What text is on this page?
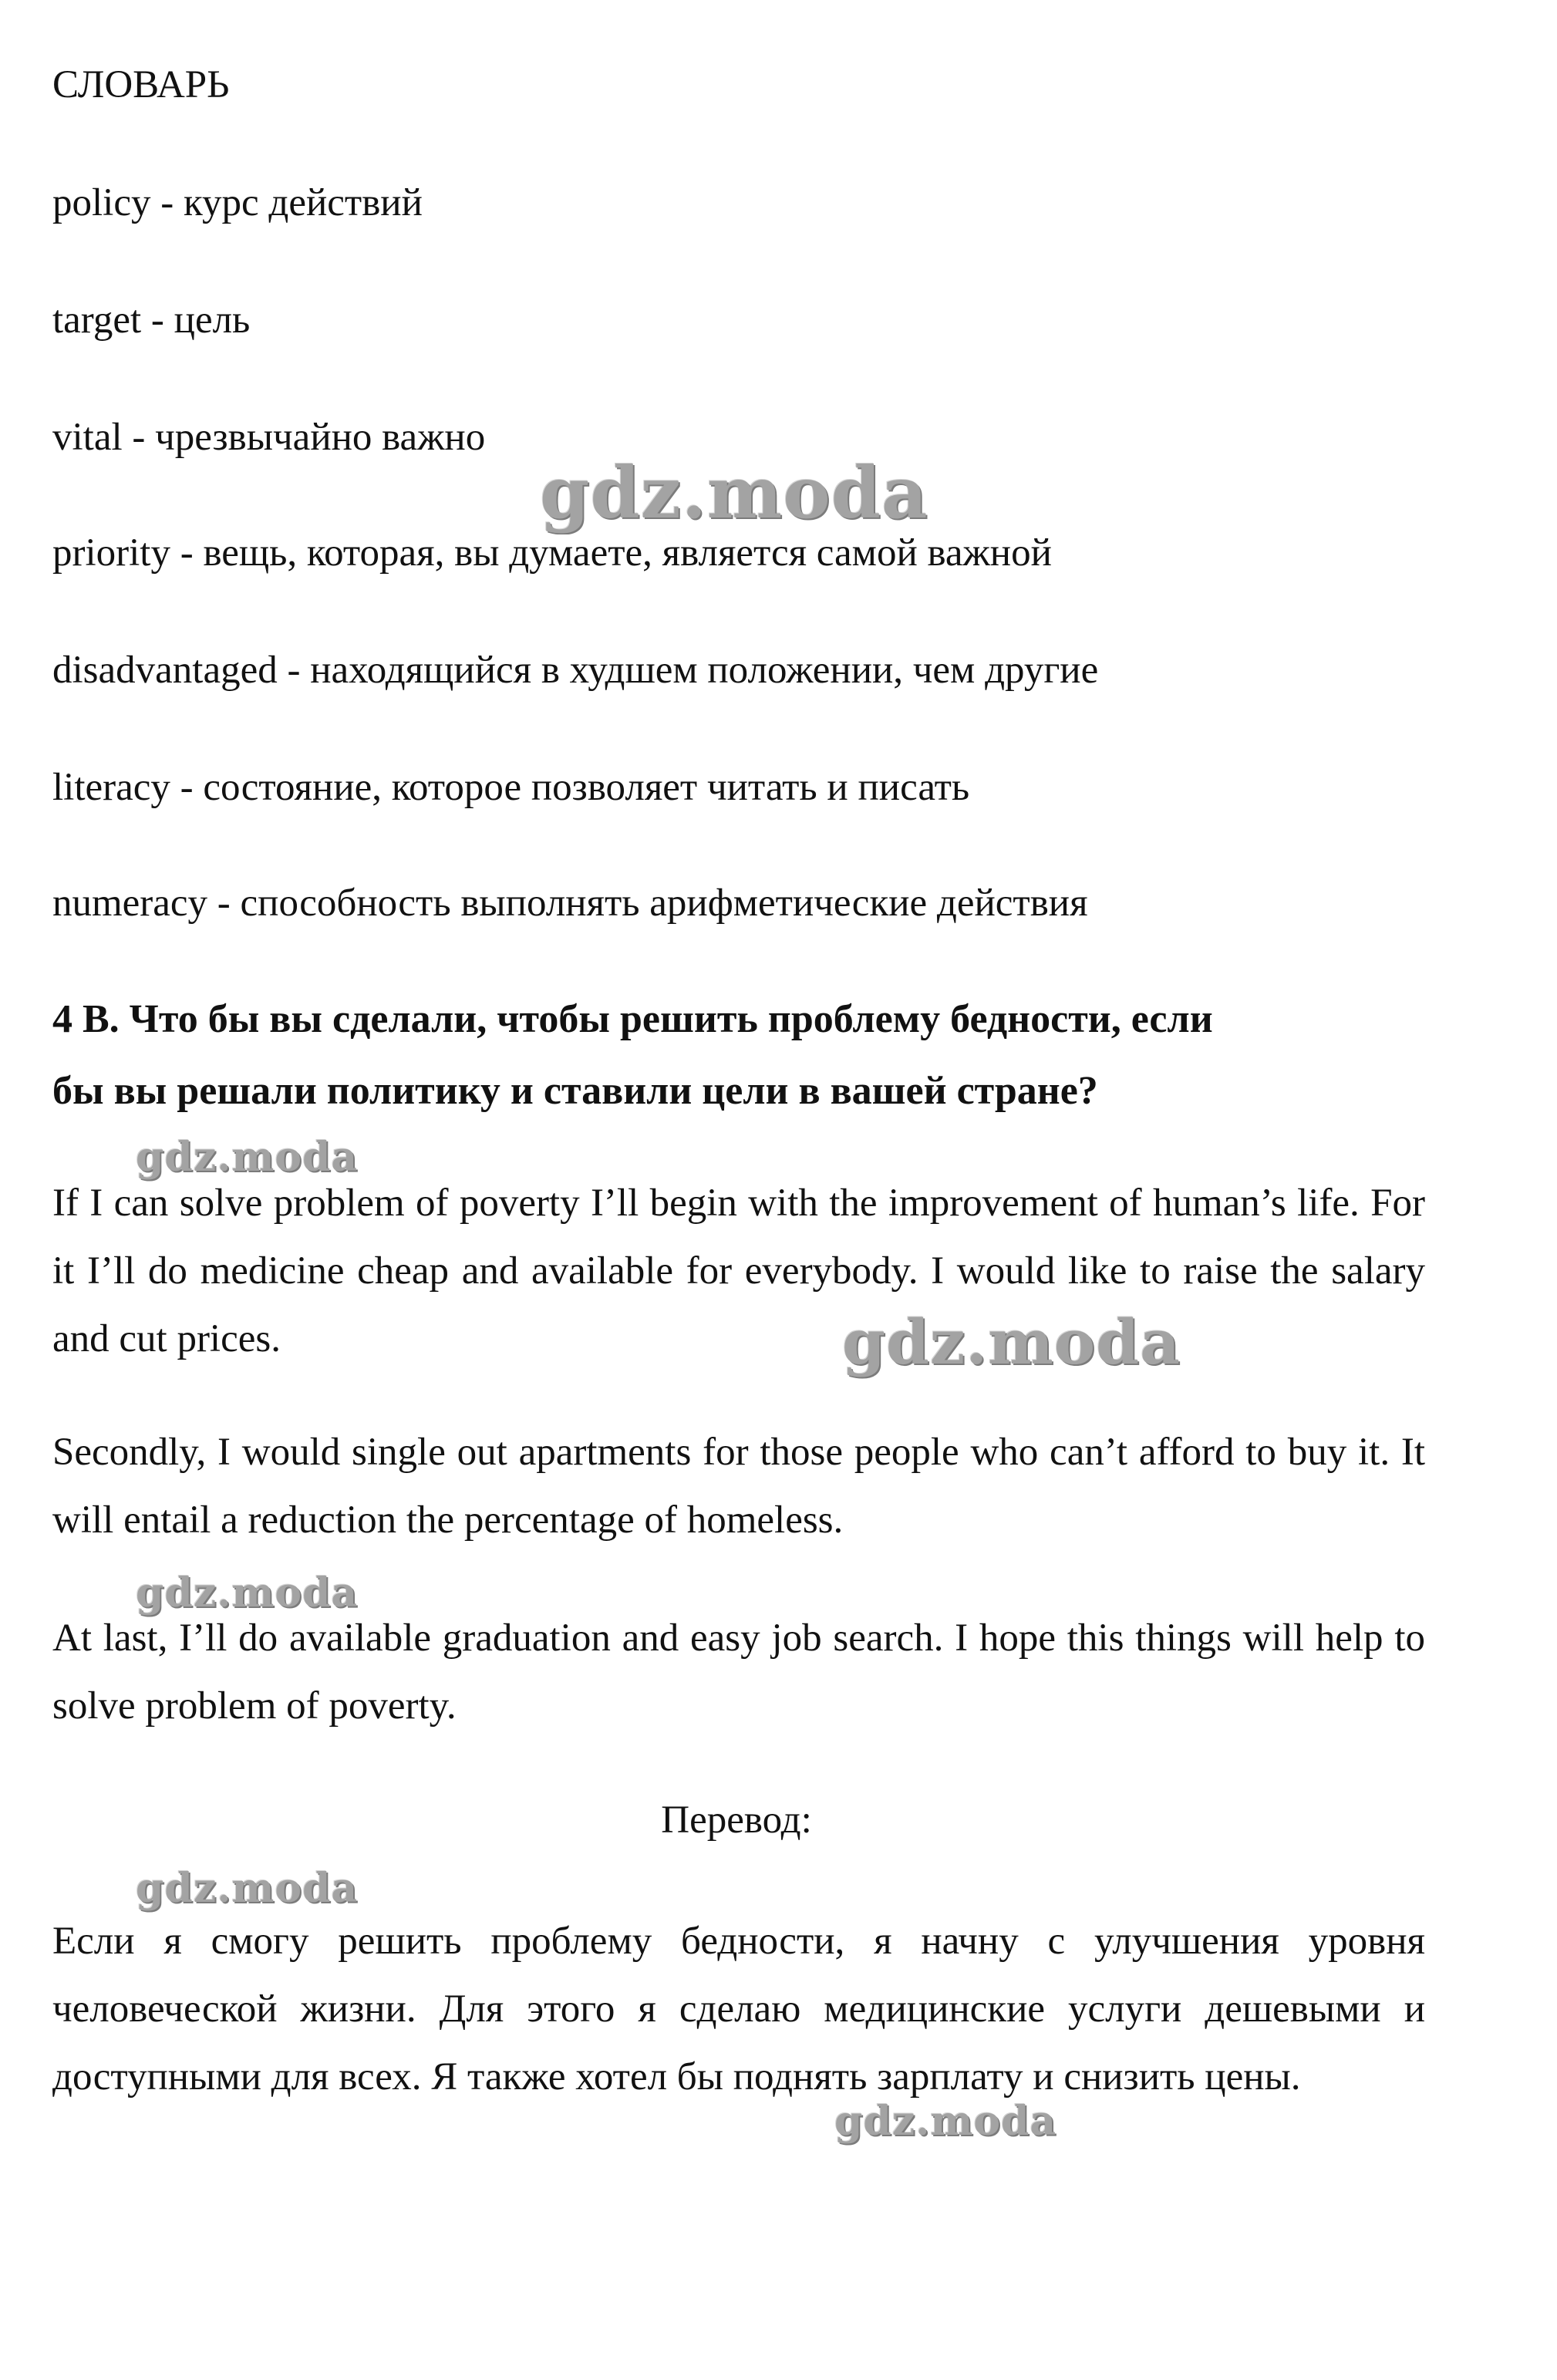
СЛОВАРЬ
policy - курс действий
target - цель
vital - чрезвычайно важно
priority - вещь, которая, вы думаете, является самой важной
disadvantaged - находящийся в худшем положении, чем другие
literacy - состояние, которое позволяет читать и писать
numeracy - способность выполнять арифметические действия
4 B. Что бы вы сделали, чтобы решить проблему бедности, если
бы вы решали политику и ставили цели в вашей стране?
If I can solve problem of poverty I’ll begin with the improvement of human’s life. For it I’ll do medicine cheap and available for everybody. I would like to raise the salary and cut prices.
Secondly, I would single out apartments for those people who can’t afford to buy it. It will entail a reduction the percentage of homeless.
At last, I’ll do available graduation and easy job search. I hope this things will help to solve problem of poverty.
Перевод:
Если я смогу решить проблему бедности, я начну с улучшения уровня человеческой жизни. Для этого я сделаю медицинские услуги дешевыми и доступными для всех. Я также хотел бы поднять зарплату и снизить цены.
gdz.moda
gdz.moda
gdz.moda
gdz.moda
gdz.moda
gdz.moda
